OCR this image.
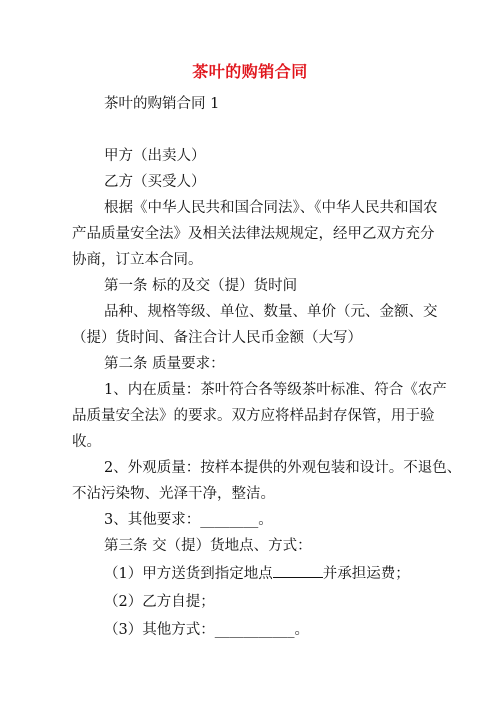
茶叶的购销合同
茶叶的购销合同 1
甲方（出卖人）
乙方（买受人）
根据《中华人民共和国合同法》、《中华人民共和国农
产品质量安全法》及相关法律法规规定，经甲乙双方充分
协商，订立本合同。
第一条 标的及交（提）货时间
品种、规格等级、单位、数量、单价（元、金额、交
（提）货时间、备注合计人民币金额（大写）
第二条 质量要求：
1、内在质量：茶叶符合各等级茶叶标准、符合《农产
品质量安全法》的要求。双方应将样品封存保管，用于验
收。
2、外观质量：按样本提供的外观包装和设计。不退色、
不沾污染物、光泽干净，整洁。
3、其他要求：________。
第三条 交（提）货地点、方式：
（1）甲方送货到指定地点	并承担运费；
（2）乙方自提；
（3）其他方式：___________。
